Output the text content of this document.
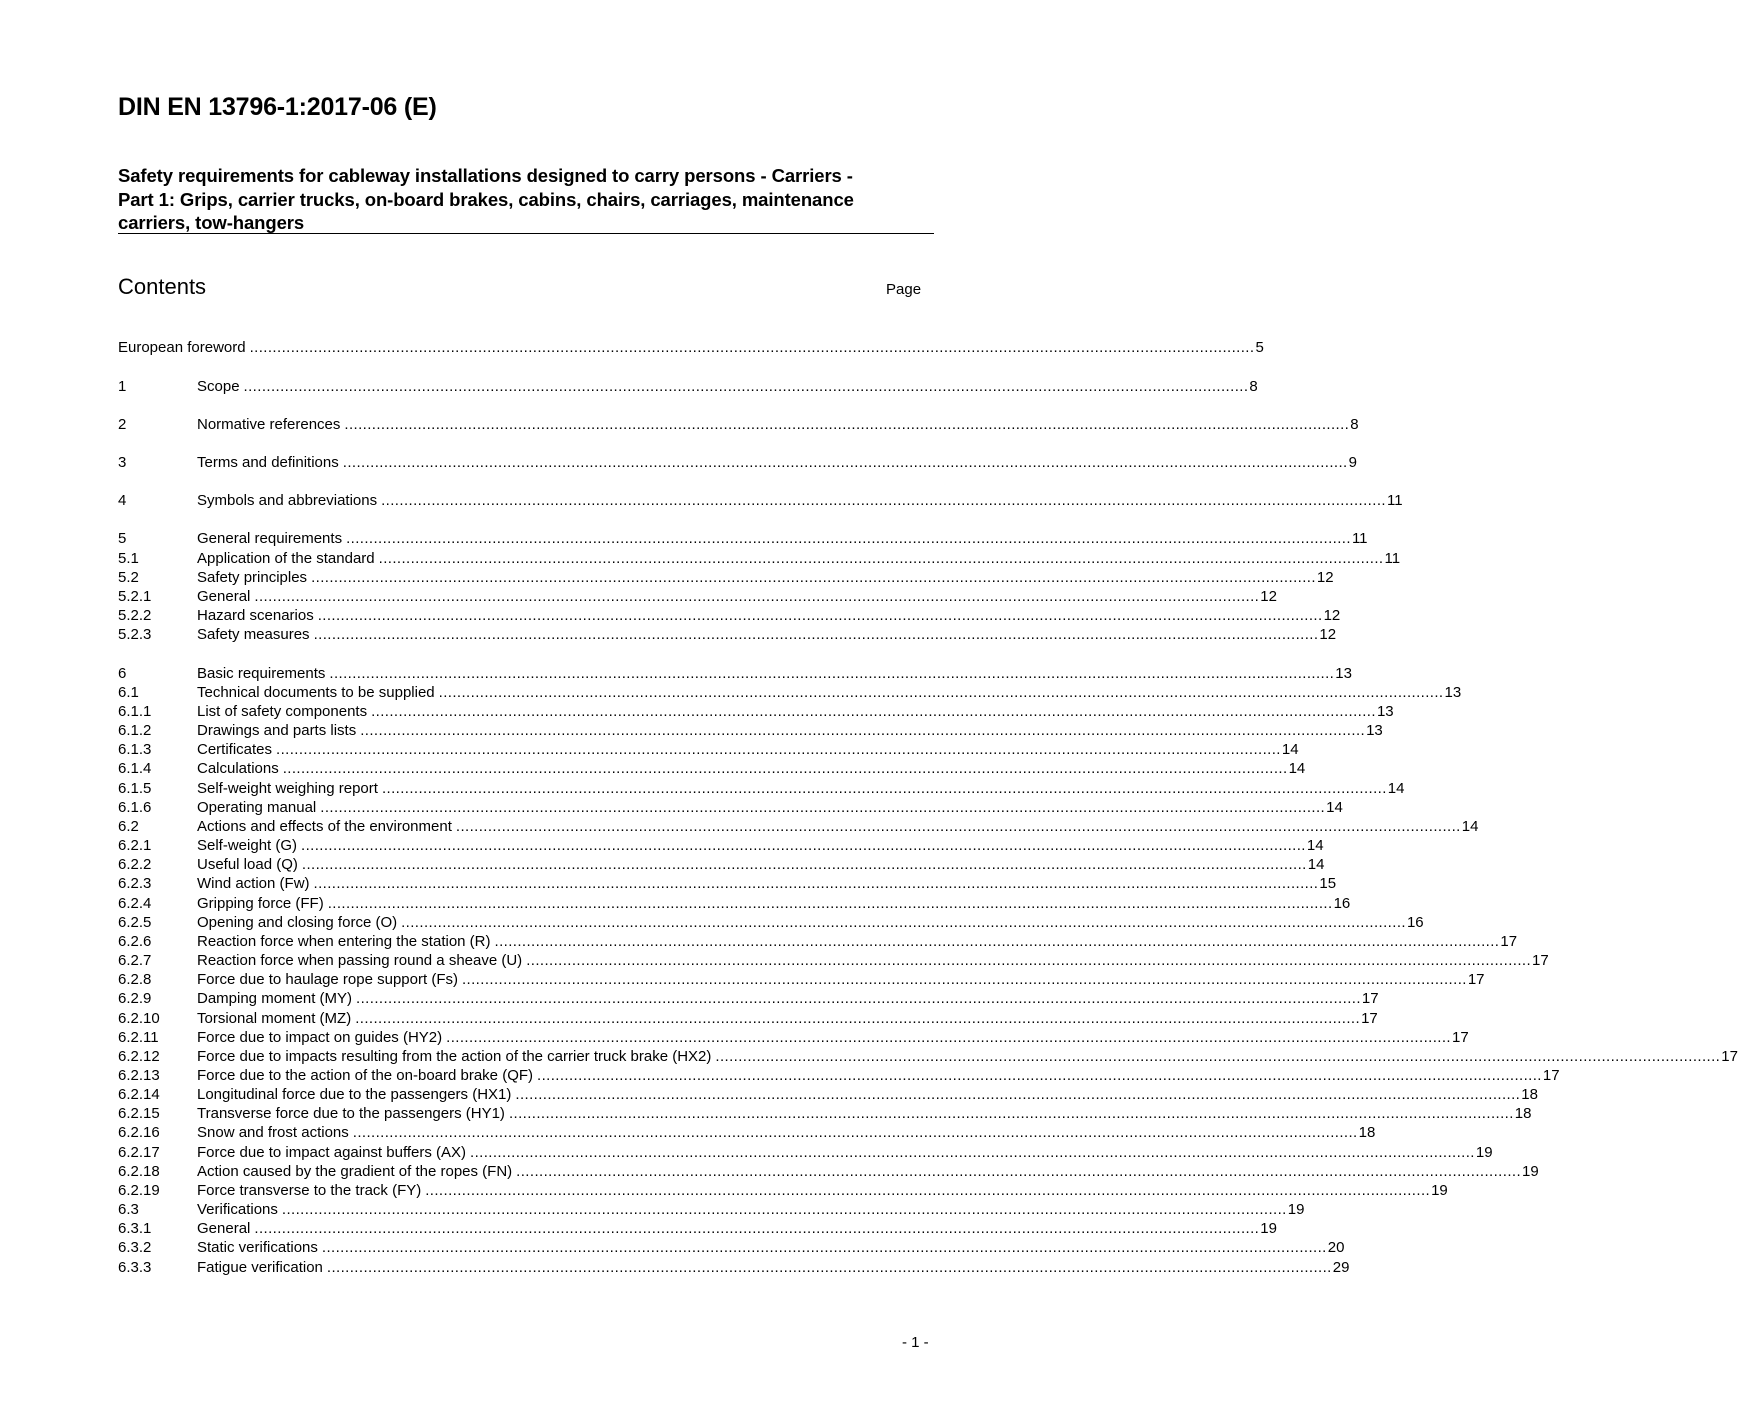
DIN EN 13796-1:2017-06 (E)
Safety requirements for cableway installations designed to carry persons - Carriers -
Part 1: Grips, carrier trucks, on-board brakes, cabins, chairs, carriages, maintenance
carriers, tow-hangers
Contents	Page
European foreword ............................................................................................................................................................................................................................ 5
1	Scope ............................................................................................................................................................................................................................ 8
2	Normative references ............................................................................................................................................................................................................................ 8
3	Terms and definitions ............................................................................................................................................................................................................................ 9
4	Symbols and abbreviations ............................................................................................................................................................................................................................ 11
5	General requirements ............................................................................................................................................................................................................................ 11
5.1	Application of the standard ............................................................................................................................................................................................................................ 11
5.2	Safety principles ............................................................................................................................................................................................................................ 12
5.2.1	General ............................................................................................................................................................................................................................ 12
5.2.2	Hazard scenarios ............................................................................................................................................................................................................................ 12
5.2.3	Safety measures ............................................................................................................................................................................................................................ 12
6	Basic requirements ............................................................................................................................................................................................................................ 13
6.1	Technical documents to be supplied ............................................................................................................................................................................................................................ 13
6.1.1	List of safety components ............................................................................................................................................................................................................................ 13
6.1.2	Drawings and parts lists ............................................................................................................................................................................................................................ 13
6.1.3	Certificates ............................................................................................................................................................................................................................ 14
6.1.4	Calculations ............................................................................................................................................................................................................................ 14
6.1.5	Self-weight weighing report ............................................................................................................................................................................................................................ 14
6.1.6	Operating manual ............................................................................................................................................................................................................................ 14
6.2	Actions and effects of the environment ............................................................................................................................................................................................................................ 14
6.2.1	Self-weight (G) ............................................................................................................................................................................................................................ 14
6.2.2	Useful load (Q) ............................................................................................................................................................................................................................ 14
6.2.3	Wind action (Fw) ............................................................................................................................................................................................................................ 15
6.2.4	Gripping force (FF) ............................................................................................................................................................................................................................ 16
6.2.5	Opening and closing force (O) ............................................................................................................................................................................................................................ 16
6.2.6	Reaction force when entering the station (R) ............................................................................................................................................................................................................................ 17
6.2.7	Reaction force when passing round a sheave (U) ............................................................................................................................................................................................................................ 17
6.2.8	Force due to haulage rope support (Fs) ............................................................................................................................................................................................................................ 17
6.2.9	Damping moment (MY) ............................................................................................................................................................................................................................ 17
6.2.10	Torsional moment (MZ) ............................................................................................................................................................................................................................ 17
6.2.11	Force due to impact on guides (HY2) ............................................................................................................................................................................................................................ 17
6.2.12	Force due to impacts resulting from the action of the carrier truck brake (HX2) ............................................................................................................................................................................................................................ 17
6.2.13	Force due to the action of the on-board brake (QF) ............................................................................................................................................................................................................................ 17
6.2.14	Longitudinal force due to the passengers (HX1) ............................................................................................................................................................................................................................ 18
6.2.15	Transverse force due to the passengers (HY1) ............................................................................................................................................................................................................................ 18
6.2.16	Snow and frost actions ............................................................................................................................................................................................................................ 18
6.2.17	Force due to impact against buffers (AX) ............................................................................................................................................................................................................................ 19
6.2.18	Action caused by the gradient of the ropes (FN) ............................................................................................................................................................................................................................ 19
6.2.19	Force transverse to the track (FY) ............................................................................................................................................................................................................................ 19
6.3	Verifications ............................................................................................................................................................................................................................ 19
6.3.1	General ............................................................................................................................................................................................................................ 19
6.3.2	Static verifications ............................................................................................................................................................................................................................ 20
6.3.3	Fatigue verification ............................................................................................................................................................................................................................ 29
- 1 -
